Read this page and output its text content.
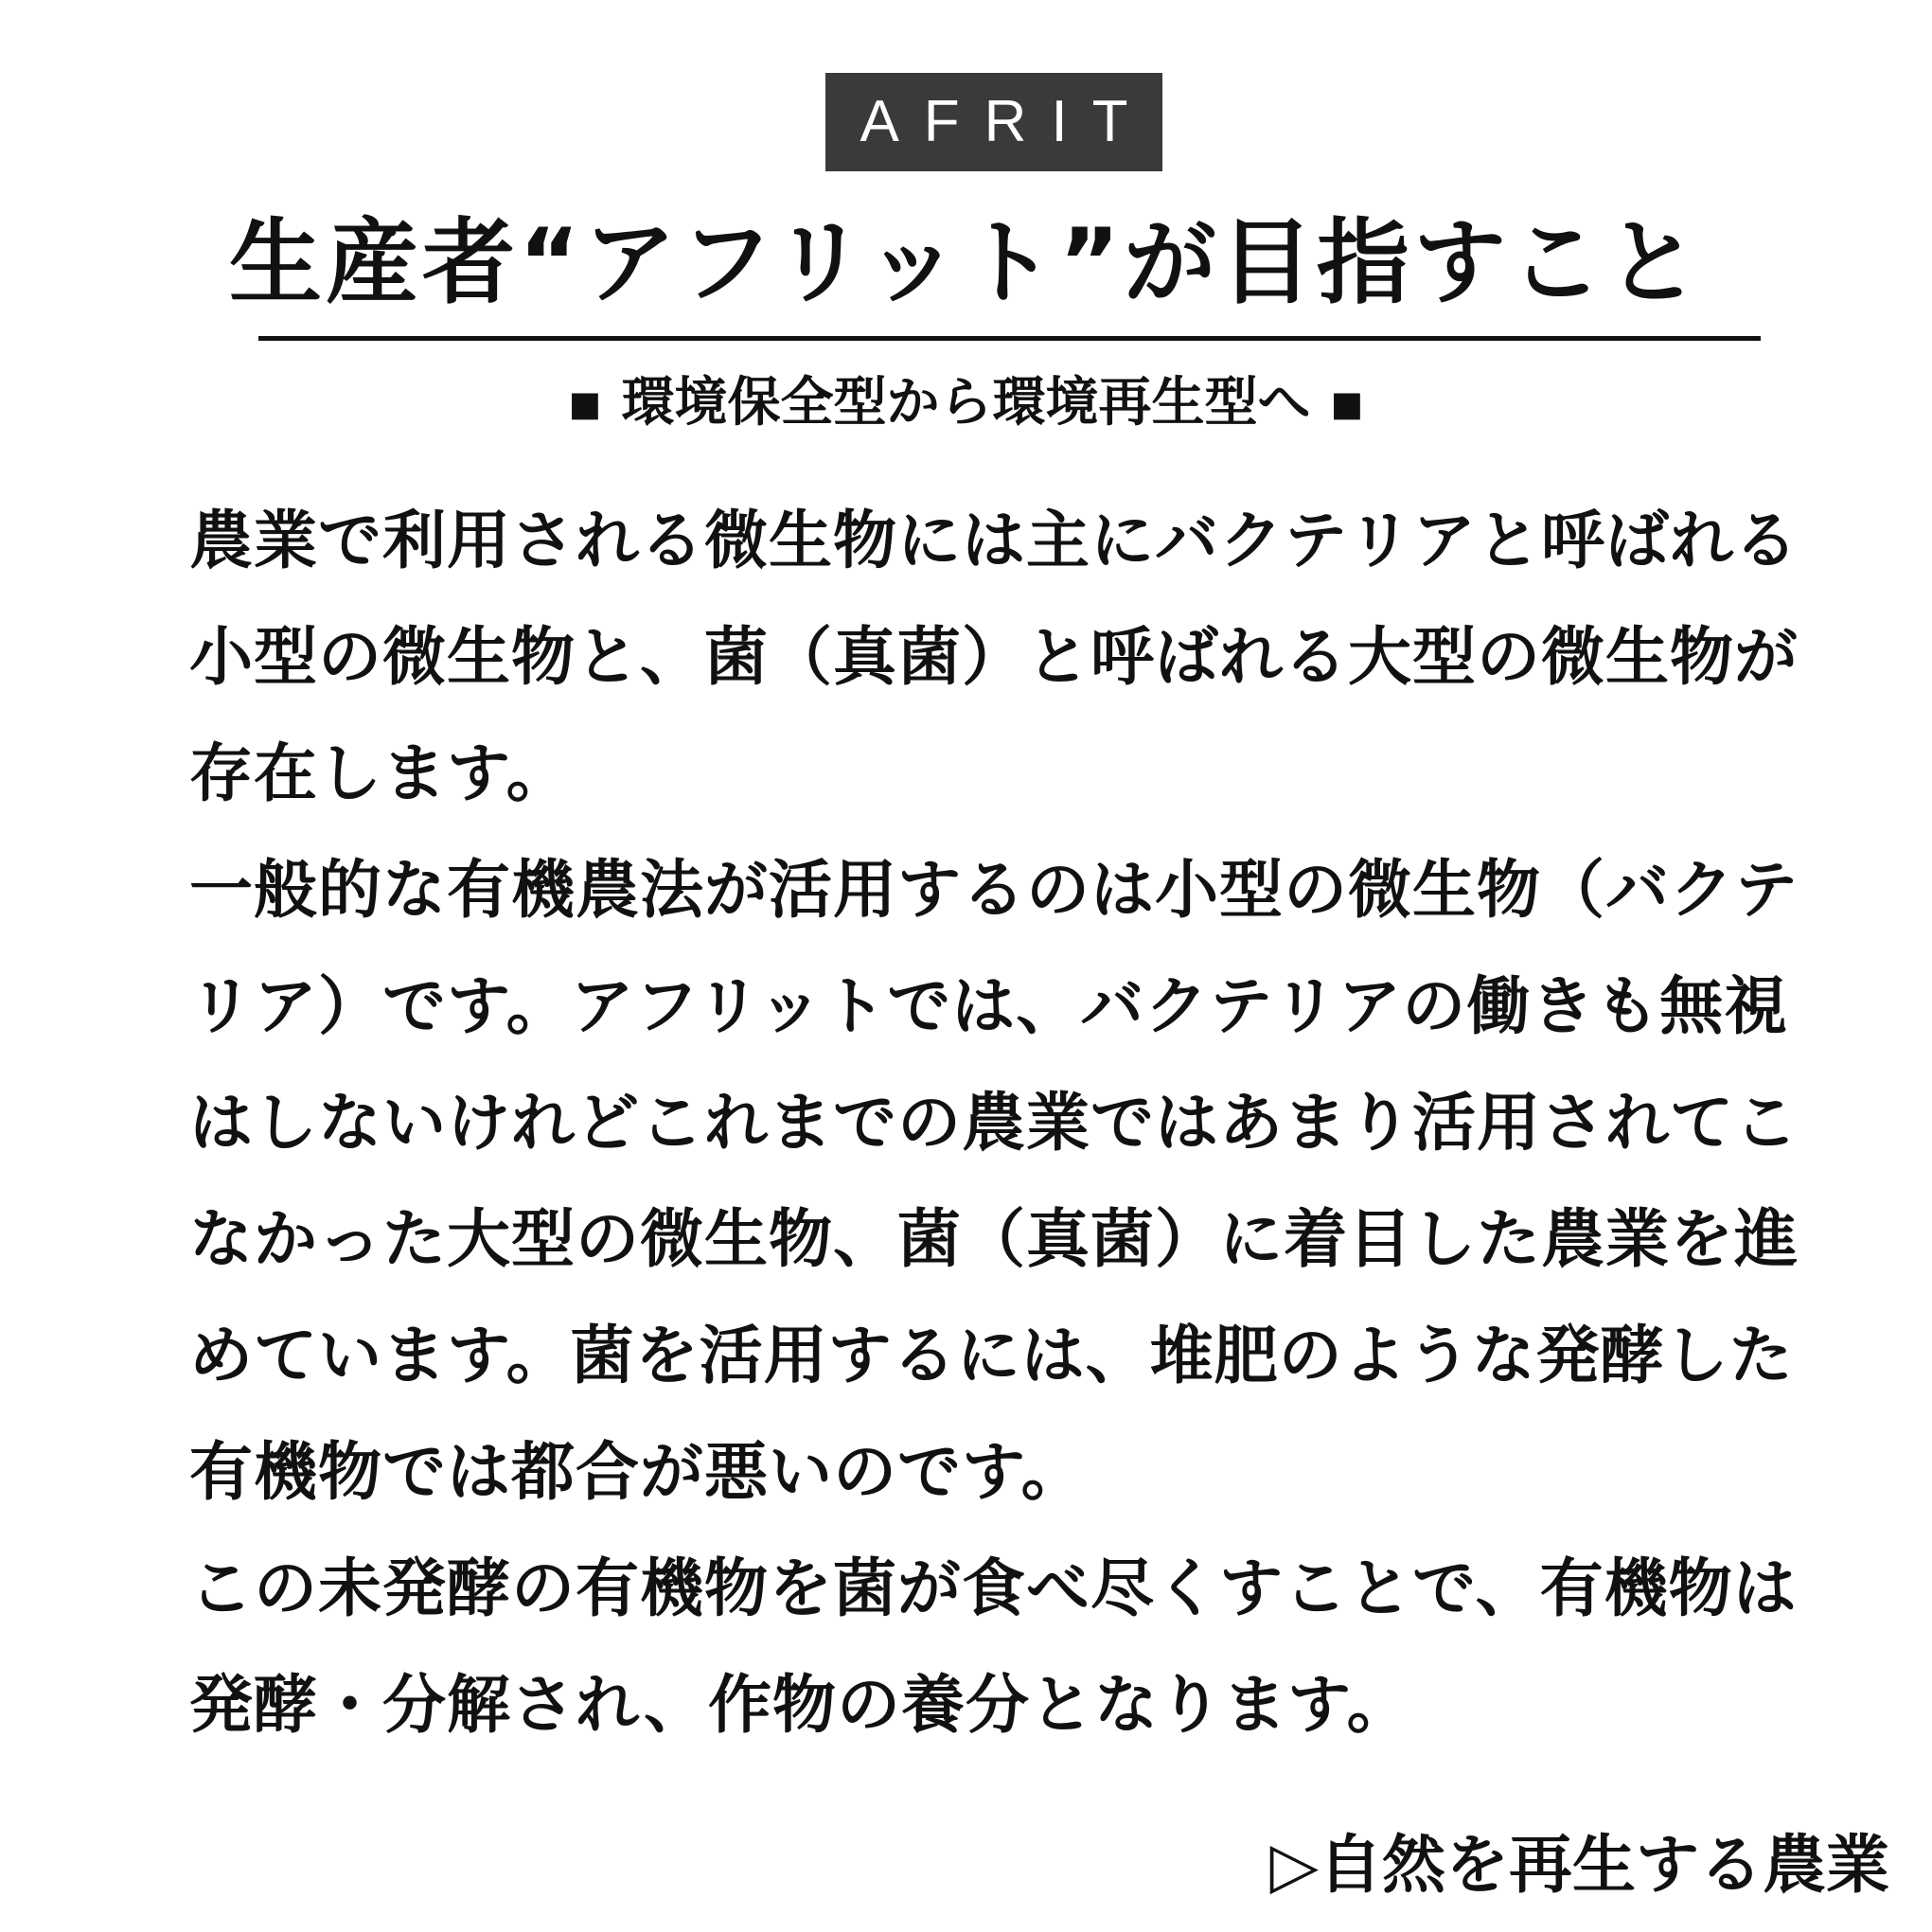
AFRIT
生産者“アフリット”が目指すこと
▪ 環境保全型から環境再生型へ ▪
農業で利用される微生物には主にバクテリアと呼ばれる
小型の微生物と、菌（真菌）と呼ばれる大型の微生物が
存在します。
一般的な有機農法が活用するのは小型の微生物（バクテ
リア）です。アフリットでは、バクテリアの働きも無視
はしないけれどこれまでの農業ではあまり活用されてこ
なかった大型の微生物、菌（真菌）に着目した農業を進
めています。菌を活用するには、堆肥のような発酵した
有機物では都合が悪いのです。
この未発酵の有機物を菌が食べ尽くすことで、有機物は
発酵・分解され、作物の養分となります。
▷自然を再生する農業
